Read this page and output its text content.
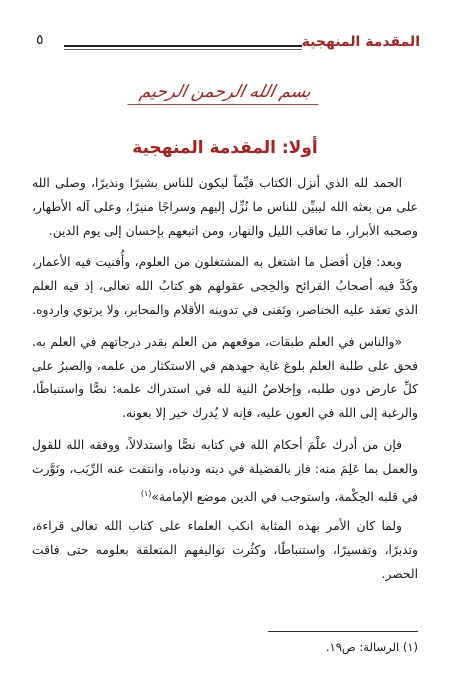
المقدمة المنهجية
٥
بسم الله الرحمن الرحيم
أولا: المقدمة المنهجية

الحمد لله الذي أنزل الكتاب قيِّماً ليكون للناس بشيرًا ونذيرًا، وصلى الله على من بعثه الله ليبيِّن للناس ما نُزِّل إليهم وسراجًا منيرًا، وعلى آله الأطهار، وصحبه الأبرار، ما تعاقب الليل والنهار، ومن اتبعهم بإحسان إلى يوم الدين.

وبعد: فإن أفضل ما اشتغل به المشتغلون من العلوم، وأُفنيت فيه الأعمار، وكَدَّ فيه أصحابُ القرائح والحِجى عقولهم هو كتابُ الله تعالى، إذ فيه العلم الذي تعقد عليه الخناصر، وتَفنى في تدوينه الأقلام والمحابر، ولا يرتوي واردوه.

«والناس في العلم طبقات، موقعهم من العلم بقدر درجاتهم في العلم به. فحق على طلبة العلم بلوغ غاية جهدهم في الاستكثار من علمه، والصبرُ على كلِّ عارض دون طلبه، وإخلاصُ النية لله في استدراك علمه: نصًّا واستنباطًا، والرغبة إلى الله في العون عليه، فإنه لا يُدرك خير إلا بعونه.

فإن من أدرك علْمَ أحكام الله في كتابه نصًّا واستدلالاً، ووفقه الله للقول والعمل بما عَلِمَ منه: فاز بالفضيلة في دينه ودنياه، وانتفت عنه الرِّيَب، ونَوَّرت في قلبه الحِكْمة، واستوجب في الدين موضع الإمامة»$^{(١)}$

ولما كان الأمر بهذه المثابة انكب العلماء على كتاب الله تعالى قراءة، وتدبرًا، وتفسيرًا، واستنباطًا، وكثُرت تواليفهم المتعلقة بعلومه حتى فاقت الحصر.

(١) الرسالة: ص١٩.
